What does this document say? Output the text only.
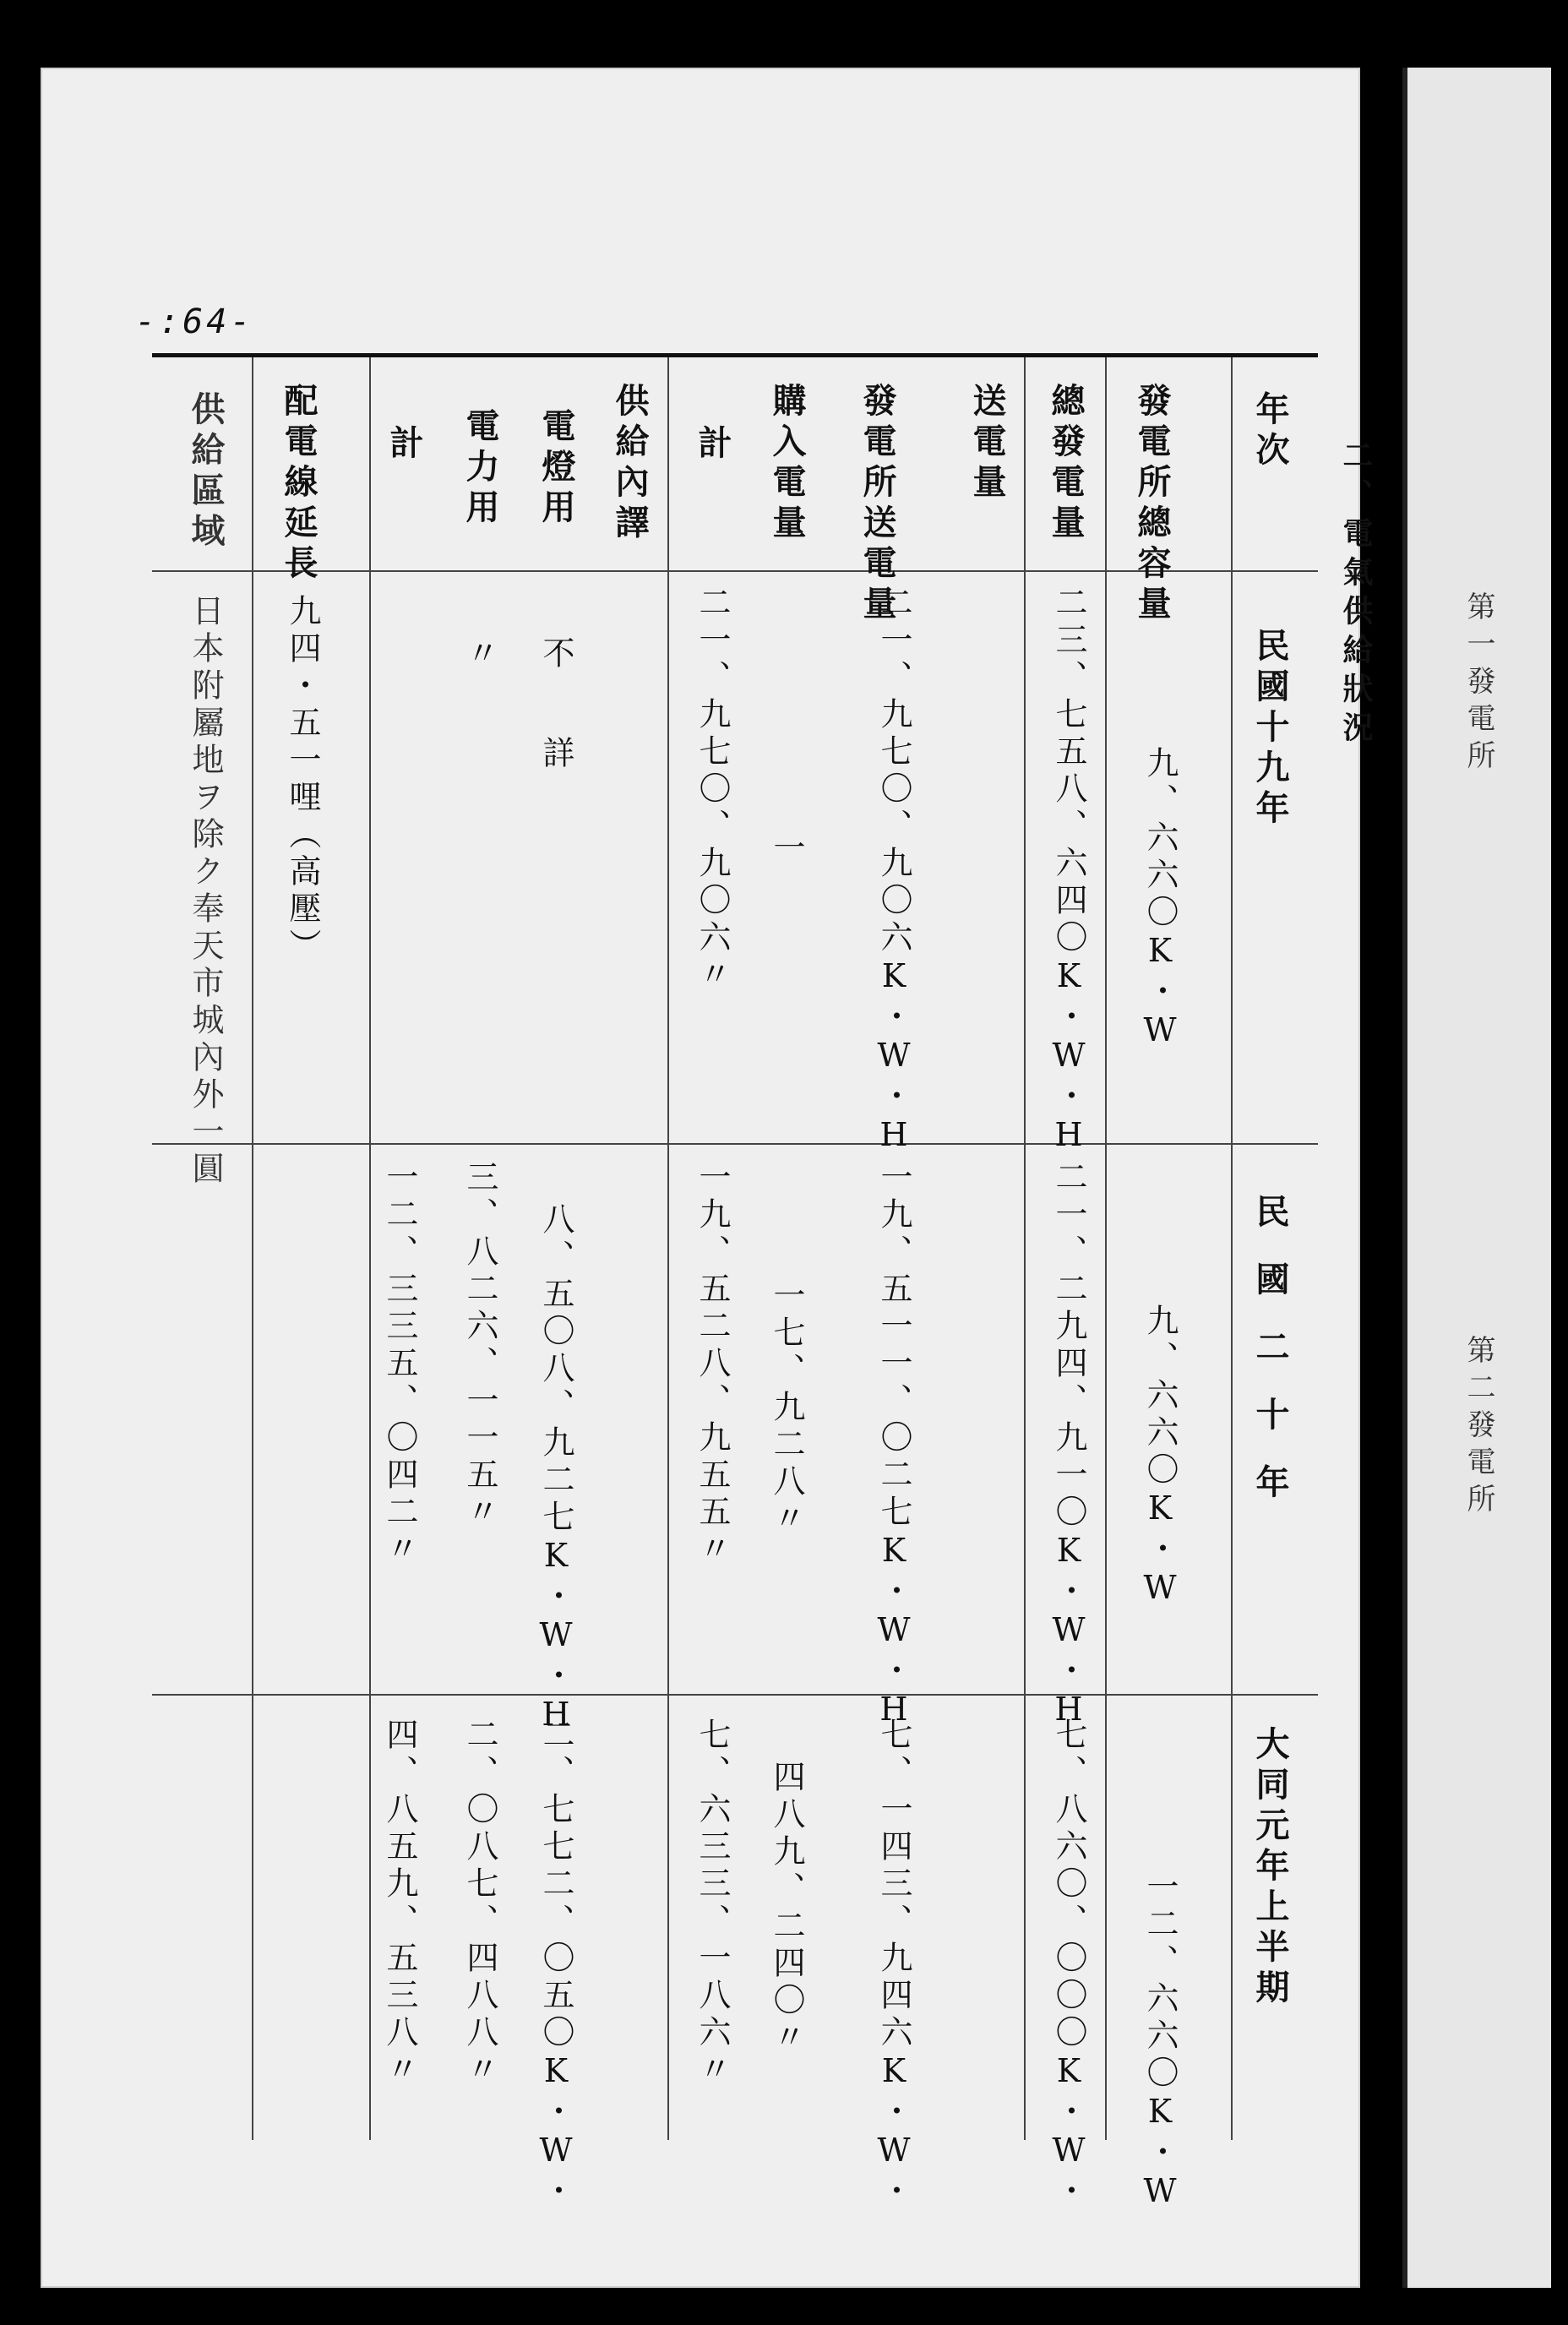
第一發電所
第二發電所
-:64-
二、電氣供給狀況
年次
發電所總容量
總發電量
送電量
發電所送電量
購入電量
計
供給內譯
電燈用
電力用
計
配電線延長
供給區域
民國十九年
九、六六〇K・W
二三、七五八、六四〇K・W・H
二一、九七〇、九〇六K・W・H
一
二一、九七〇、九〇六〃
不詳
〃
九四・五一哩（高壓）
日本附屬地ヲ除ク奉天市城內外一圓
民國二十年
九、六六〇K・W
二一、二九四、九一〇K・W・H
一九、五一一、〇二七K・W・H
一七、九二八〃
一九、五二八、九五五〃
八、五〇八、九二七K・W・H
三、八二六、一一五〃
一二、三三五、〇四二〃
大同元年上半期
一二、六六〇K・W
七、八六〇、〇〇〇K・W・
七、一四三、九四六K・W・
四八九、二四〇〃
七、六三三、一八六〃
二、七七二、〇五〇K・W・
二、〇八七、四八八〃
四、八五九、五三八〃
